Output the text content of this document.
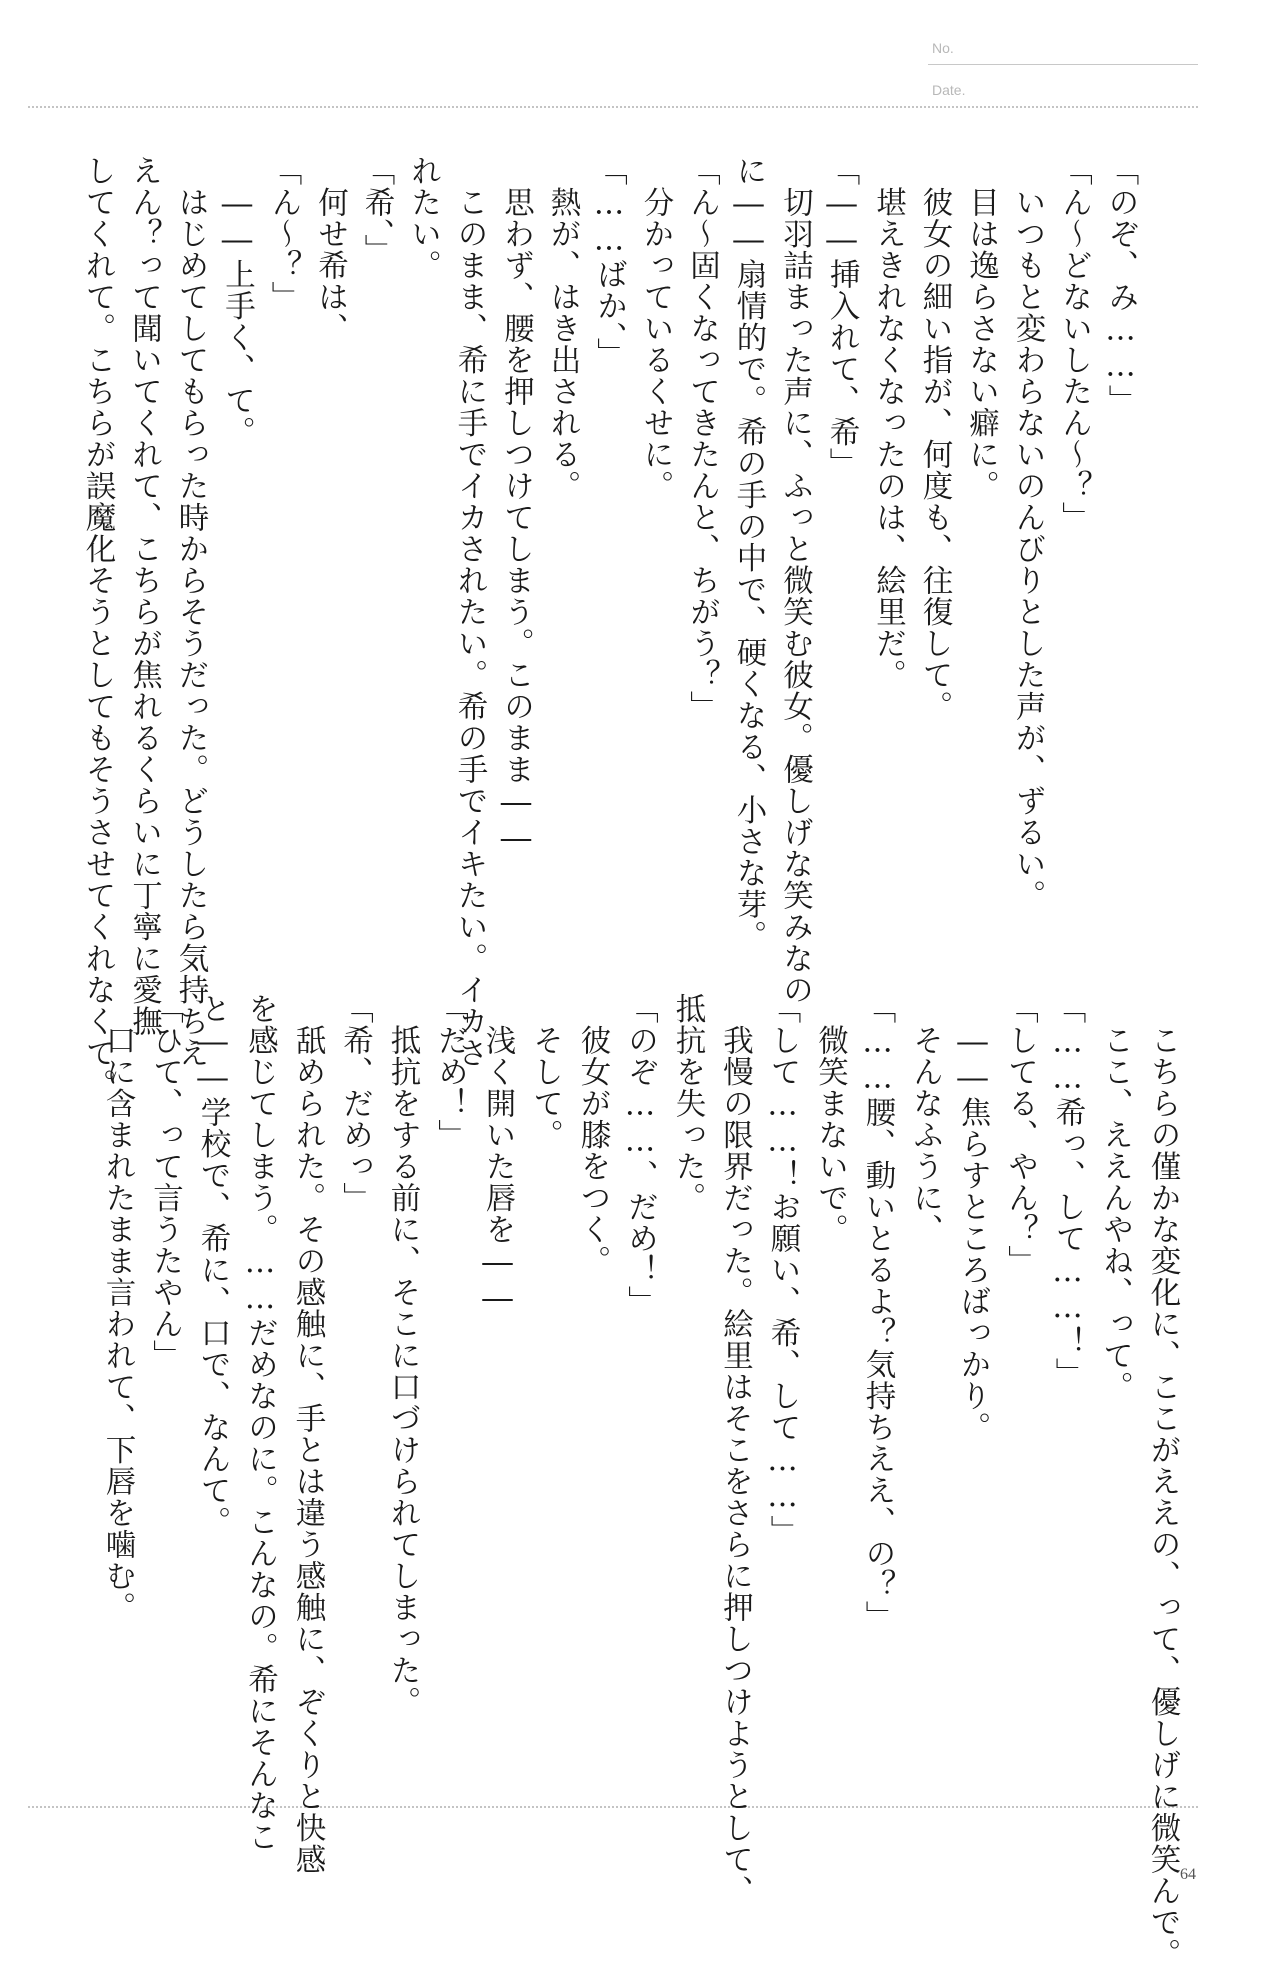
No.
Date.
「のぞ、み……」
「ん～どないしたん～？」
　いつもと変わらないのんびりとした声が、ずるい。
　目は逸らさない癖に。
　彼女の細い指が、何度も、往復して。
　堪えきれなくなったのは、絵里だ。
「――挿入れて、希」
　切羽詰まった声に、ふっと微笑む彼女。優しげな笑みなの
に――扇情的で。希の手の中で、硬くなる、小さな芽。
「ん～固くなってきたんと、ちがう？」
　分かっているくせに。
「……ばか、」
　熱が、はき出される。
　思わず、腰を押しつけてしまう。このまま――
　このまま、希に手でイカされたい。希の手でイキたい。イカさ
れたい。
「希、」
　何せ希は、
「ん～？」
　――上手く、て。
　はじめてしてもらった時からそうだった。どうしたら気持ちえ
えん？って聞いてくれて、こちらが焦れるくらいに丁寧に愛撫
してくれて。こちらが誤魔化そうとしてもそうさせてくれなくて。
　こちらの僅かな変化に、ここがええの、って、優しげに微笑んで。
　ここ、ええんやね、って。
「……希っ、して……！」
「してる、やん？」
　――焦らすところばっかり。
　そんなふうに、
「……腰、動いとるよ？気持ちええ、の？」
　微笑まないで。
「して……！お願い、希、して……」
　我慢の限界だった。絵里はそこをさらに押しつけようとして、
抵抗を失った。
「のぞ……、だめ！」
　彼女が膝をつく。
　そして。
　浅く開いた唇を――
「だめ！」
　抵抗をする前に、そこに口づけられてしまった。
「希、だめっ」
　舐められた。その感触に、手とは違う感触に、ぞくりと快感
を感じてしまう。……だめなのに。こんなの。希にそんなこ
と――学校で、希に、口で、なんて。
「ひて、って言うたやん」
　口に含まれたまま言われて、下唇を噛む。
64
